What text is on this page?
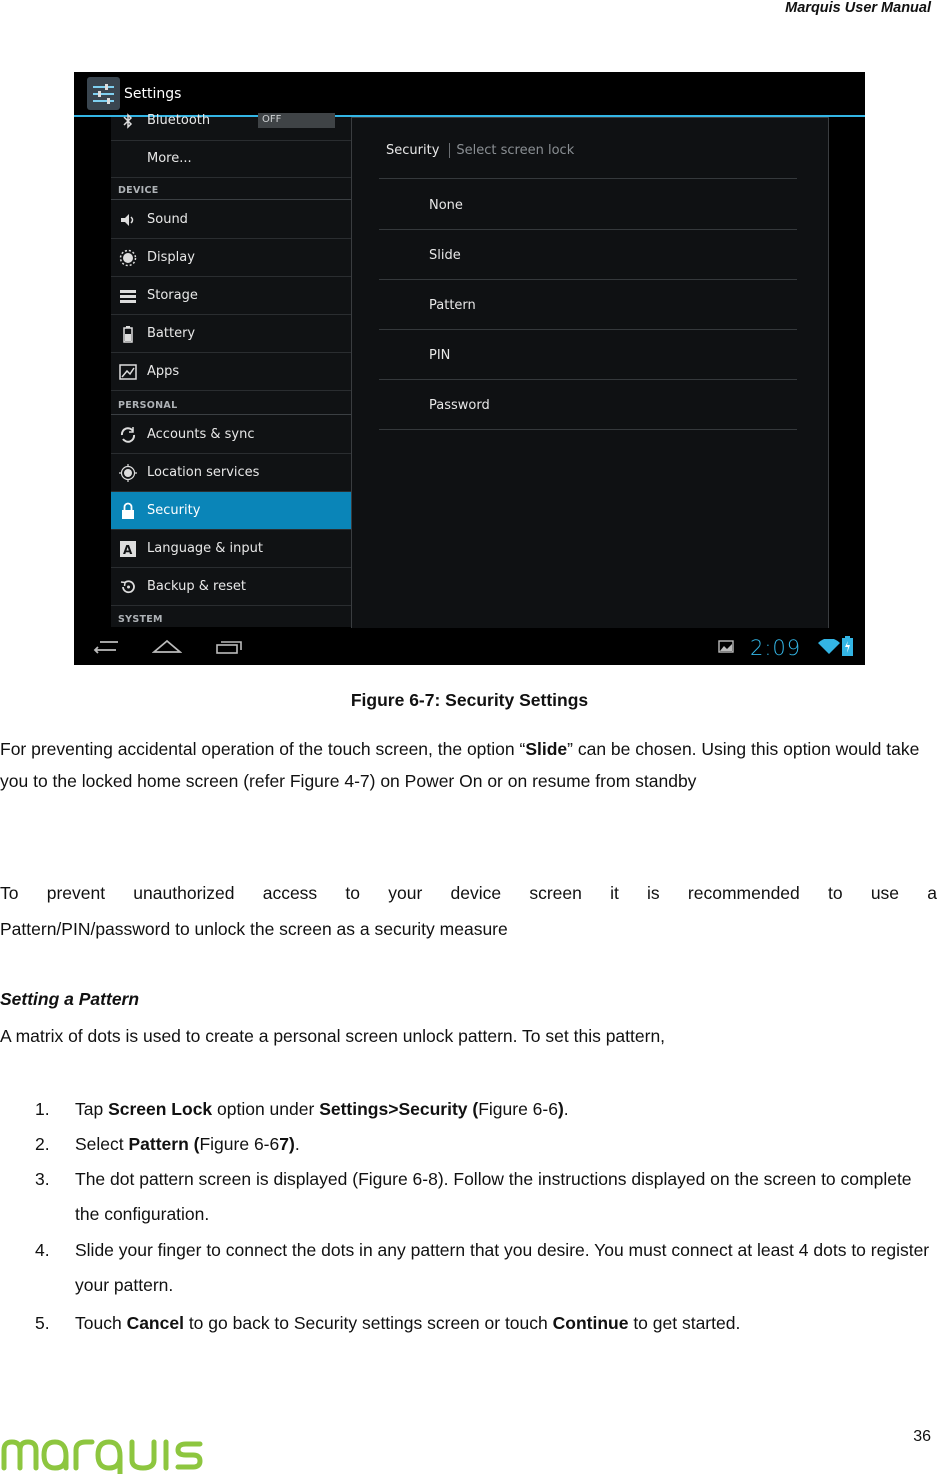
Marquis User Manual
Settings
Bluetooth	OFF
More...
DEVICE
Sound
Display
Storage
Battery
Apps
PERSONAL
Accounts & sync
Location services
Security
A Language & input
Backup & reset
SYSTEM
Security Select screen lock
None
Slide
Pattern
PIN
Password
2:09
Figure 6-7: Security Settings

For preventing accidental operation of the touch screen, the option “Slide” can be chosen. Using this option would take you to the locked home screen (refer Figure 4-7) on Power On or on resume from standby

To prevent unauthorized access to your device screen it is recommended to use a

Pattern/PIN/password to unlock the screen as a security measure

Setting a Pattern

A matrix of dots is used to create a personal screen unlock pattern. To set this pattern,

1. Tap Screen Lock option under Settings>Security (Figure 6-6).
2. Select Pattern (Figure 6-67).
3. The dot pattern screen is displayed (Figure 6-8). Follow the instructions displayed on the screen to complete the configuration.
4. Slide your finger to connect the dots in any pattern that you desire. You must connect at least 4 dots to register your pattern.
5. Touch Cancel to go back to Security settings screen or touch Continue to get started.
36
